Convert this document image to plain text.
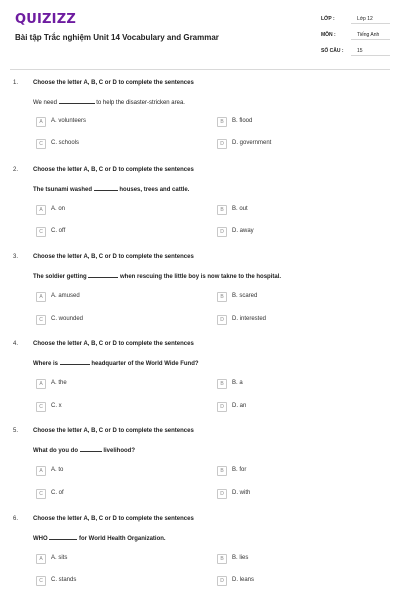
QUIZIZZ
Bài tập Trắc nghiệm Unit 14 Vocabulary and Grammar
LỚP :	Lớp 12
MÔN :	Tiếng Anh
SỐ CÂU :	15
1. Choose the letter A, B, C or D to complete the sentences
We need	to help the disaster-stricken area.
A	A. volunteers	B	B. flood
C	C. schools	D	D. government
2. Choose the letter A, B, C or D to complete the sentences
The tsunami washed	houses, trees and cattle.
A	A. on	B	B. out
C	C. off	D	D. away
3. Choose the letter A, B, C or D to complete the sentences
The soldier getting	when rescuing the little boy is now takne to the hospital.
A	A. amused	B	B. scared
C	C. wounded	D	D. interested
4. Choose the letter A, B, C or D to complete the sentences
Where is	headquarter of the World Wide Fund?
A	A. the	B	B. a
C	C. x	D	D. an
5. Choose the letter A, B, C or D to complete the sentences
What do you do	livelihood?
A	A. to	B	B. for
C	C. of	D	D. with
6. Choose the letter A, B, C or D to complete the sentences
WHO	for World Health Organization.
A	A. sits	B	B. lies
C	C. stands	D	D. leans
